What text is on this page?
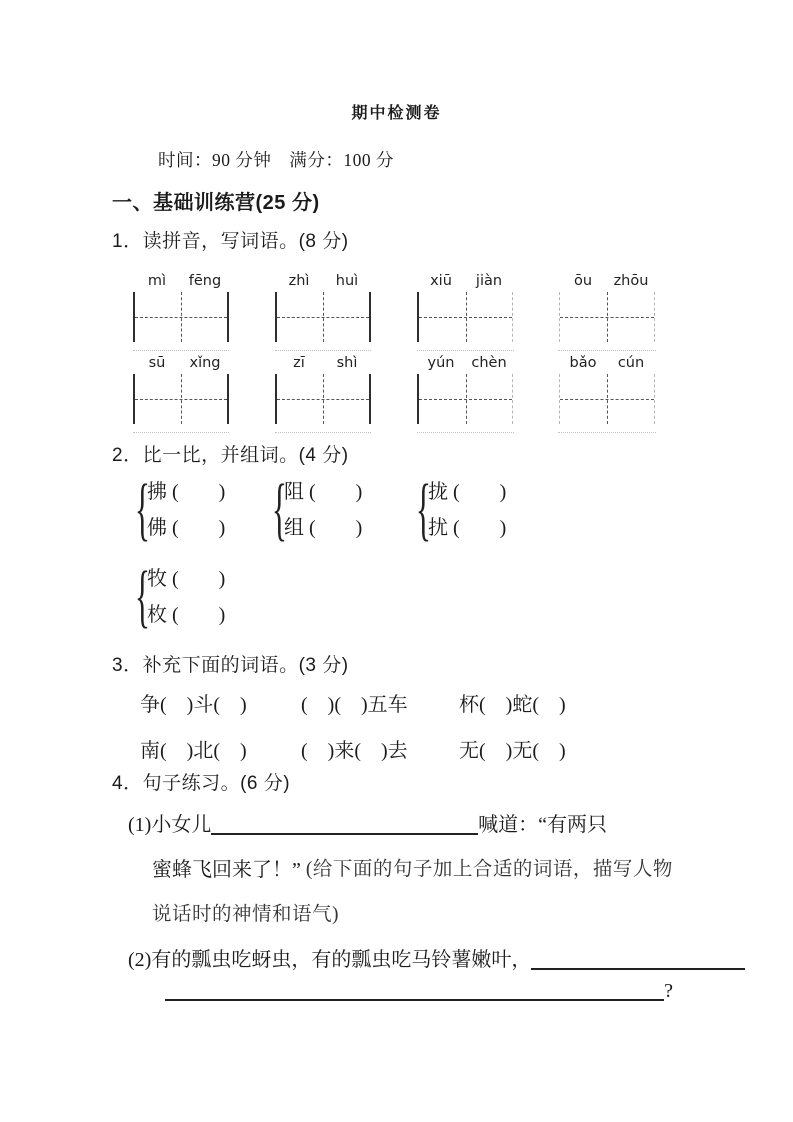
期中检测卷
时间：90 分钟　满分：100 分
一、基础训练营(25 分)
1．读拼音，写词语。(8 分)
mì	fēng	zhì	huì	xiū	jiàn	ōu	zhōu
sū	xǐng	zī	shì	yún	chèn	bǎo	cún
2．比一比，并组词。(4 分)
{
拂 (　　)
佛 (　　) {
阻 (　　)
组 (　　) {
拢 (　　)
扰 (　　)
{
牧 (　　)
枚 (　　)
3．补充下面的词语。(3 分)
争(　)斗(　)	(　)(　)五车	杯(　)蛇(　)
南(　)北(　)	(　)来(　)去	无(　)无(　)
4．句子练习。(6 分)
(1)小女儿	喊道：“有两只
蜜蜂飞回来了！” (给下面的句子加上合适的词语，描写人物
说话时的神情和语气)
(2)有的瓢虫吃蚜虫，有的瓢虫吃马铃薯嫩叶，
?
